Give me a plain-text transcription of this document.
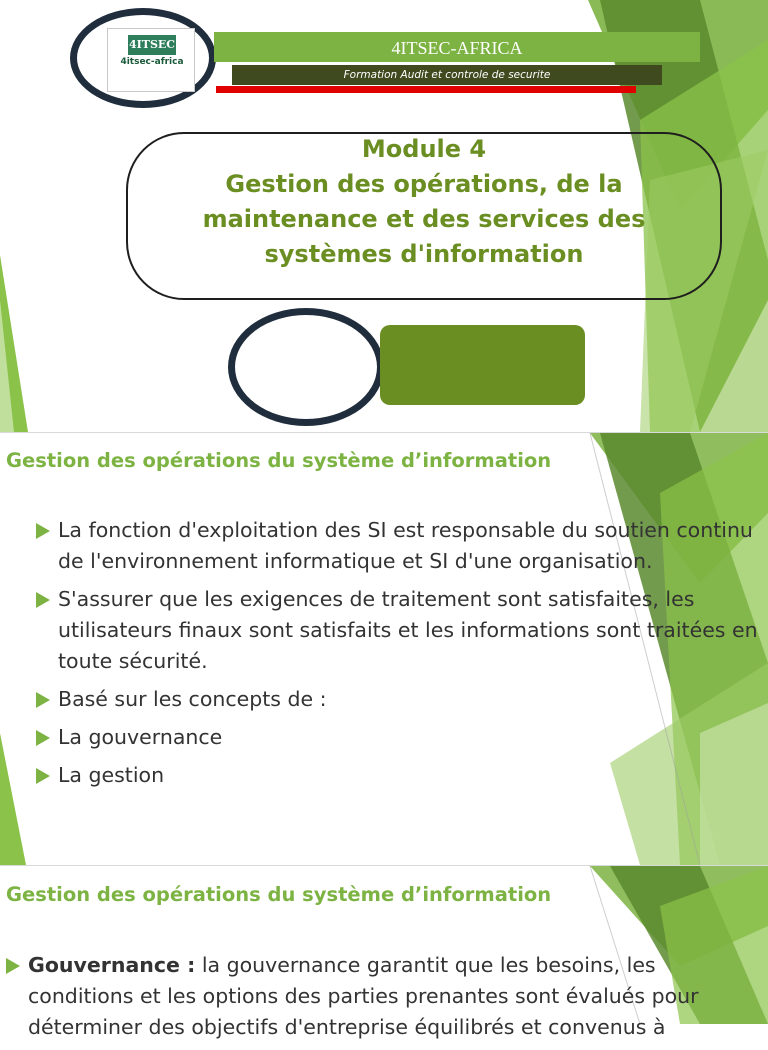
4ITSEC
4itsec-africa
4ITSEC-AFRICA
Formation Audit et controle de securite
Module 4
Gestion des opérations, de la
maintenance et des services des
systèmes d'information
Gestion des opérations du système d’information
La fonction d'exploitation des SI est responsable du soutien continu de l'environnement informatique et SI d'une organisation.
S'assurer que les exigences de traitement sont satisfaites, les utilisateurs finaux sont satisfaits et les informations sont traitées en toute sécurité.
Basé sur les concepts de :
La gouvernance
La gestion
Gestion des opérations du système d’information
Gouvernance : la gouvernance garantit que les besoins, les conditions et les options des parties prenantes sont évalués pour déterminer des objectifs d'entreprise équilibrés et convenus à
